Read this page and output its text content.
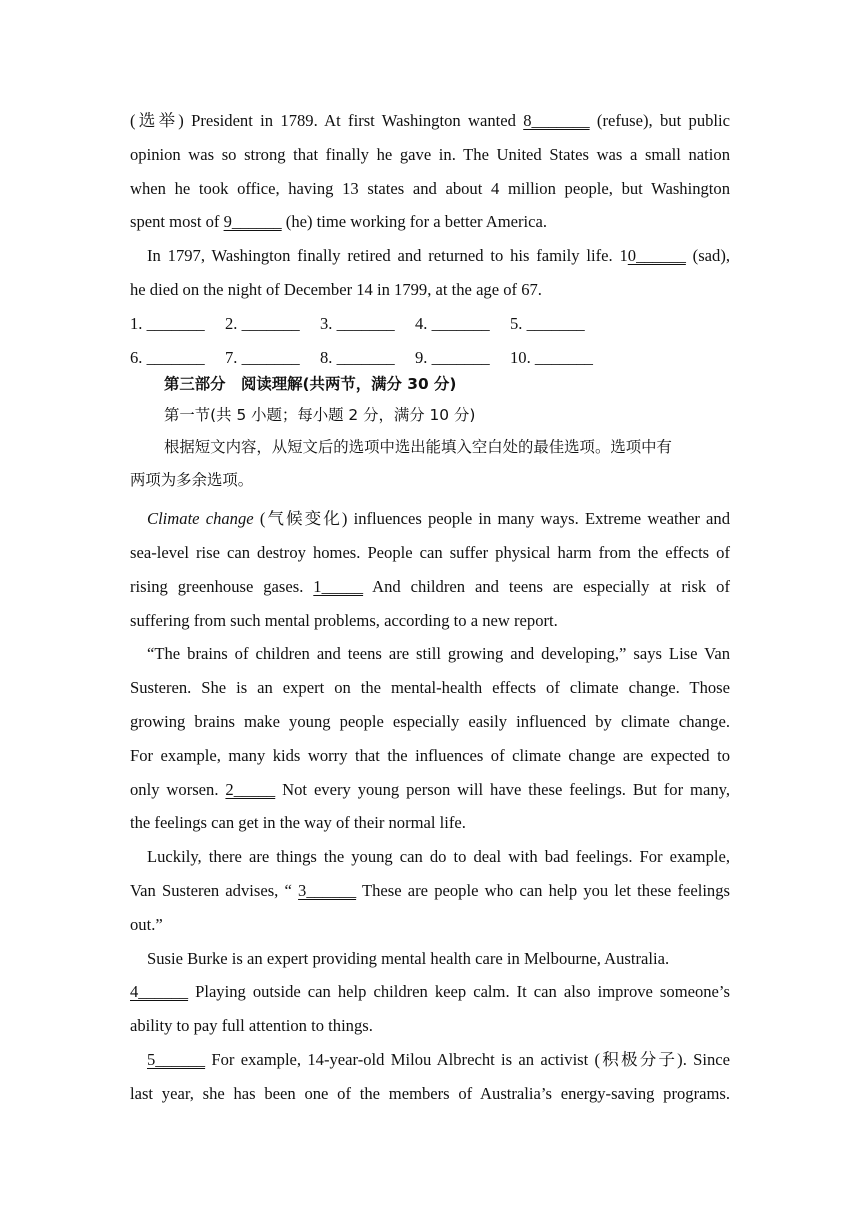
(选举) President in 1789. At first Washington wanted 8_______ (refuse), but public
opinion was so strong that finally he gave in. The United States was a small nation
when he took office, having 13 states and about 4 million people, but Washington
spent most of 9______ (he) time working for a better America.
In 1797, Washington finally retired and returned to his family life. 10______ (sad),
he died on the night of December 14 in 1799, at the age of 67.
1. _______	2. _______	3. _______	4. _______	5. _______
6. _______	7. _______	8. _______	9. _______	10. _______
第三部分　阅读理解(共两节，满分 30 分)
第一节(共 5 小题；每小题 2 分，满分 10 分)
根据短文内容，从短文后的选项中选出能填入空白处的最佳选项。选项中有
两项为多余选项。
Climate change (气候变化) influences people in many ways. Extreme weather and
sea-level rise can destroy homes. People can suffer physical harm from the effects of
rising greenhouse gases. 1_____ And children and teens are especially at risk of
suffering from such mental problems, according to a new report.
“The brains of children and teens are still growing and developing,” says Lise Van
Susteren. She is an expert on the mental-health effects of climate change. Those
growing brains make young people especially easily influenced by climate change.
For example, many kids worry that the influences of climate change are expected to
only worsen. 2_____ Not every young person will have these feelings. But for many,
the feelings can get in the way of their normal life.
Luckily, there are things the young can do to deal with bad feelings. For example,
Van Susteren advises, “ 3______ These are people who can help you let these feelings
out.”
Susie Burke is an expert providing mental health care in Melbourne, Australia.
4______ Playing outside can help children keep calm. It can also improve someone’s
ability to pay full attention to things.
5______ For example, 14-year-old Milou Albrecht is an activist (积极分子). Since
last year, she has been one of the members of Australia’s energy-saving programs.
